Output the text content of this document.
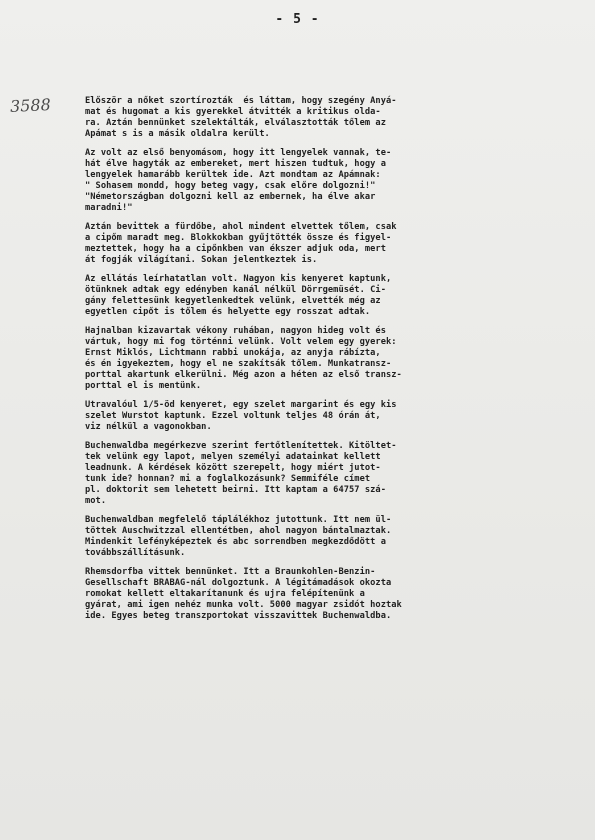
- 5 -

3588	Először a nőket szortírozták  és láttam, hogy szegény Anyá-
mat és hugomat a kis gyerekkel átvitték a kritikus olda-
ra. Aztán bennünket szelektálták, elválasztották tőlem az
Apámat s is a másik oldalra került.

Az volt az első benyomásom, hogy itt lengyelek vannak, te-
hát élve hagyták az embereket, mert hiszen tudtuk, hogy a
lengyelek hamarább kerültek ide. Azt mondtam az Apámnak:
" Sohasem mondd, hogy beteg vagy, csak előre dolgozni!"
"Németországban dolgozni kell az embernek, ha élve akar
maradni!"

Aztán bevittek a fürdőbe, ahol mindent elvettek tőlem, csak
a cipőm maradt meg. Blokkokban gyűjtötték össze és figyel-
meztettek, hogy ha a cipőnkben van ékszer adjuk oda, mert
át fogják világítani. Sokan jelentkeztek is.

Az ellátás leírhatatlan volt. Nagyon kis kenyeret kaptunk,
ötünknek adtak egy edényben kanál nélkül Dörrgemüsét. Ci-
gány felettesünk kegyetlenkedtek velünk, elvették még az
egyetlen cipőt is tőlem és helyette egy rosszat adtak.

Hajnalban kizavartak vékony ruhában, nagyon hideg volt és
vártuk, hogy mi fog történni velünk. Volt velem egy gyerek:
Ernst Miklós, Lichtmann rabbi unokája, az anyja rábízta,
és én igyekeztem, hogy el ne szakítsák tőlem. Munkatransz-
porttal akartunk elkerülni. Még azon a héten az első transz-
porttal el is mentünk.

Utravalóul 1/5-öd kenyeret, egy szelet margarint és egy kis
szelet Wurstot kaptunk. Ezzel voltunk teljes 48 órán át,
viz nélkül a vagonokban.

Buchenwaldba megérkezve szerint fertőtlenítettek. Kitöltet-
tek velünk egy lapot, melyen személyi adatainkat kellett
leadnunk. A kérdések között szerepelt, hogy miért jutot-
tunk ide? honnan? mi a foglalkozásunk? Semmiféle címet
pl. doktorit sem lehetett beirni. Itt kaptam a 64757 szá-
mot.

Buchenwaldban megfelelő táplálékhoz jutottunk. Itt nem ül-
töttek Auschwitzzal ellentétben, ahol nagyon bántalmaztak.
Mindenkit lefényképeztek és abc sorrendben megkezdődött a
továbbszállításunk.

Rhemsdorfba vittek bennünket. Itt a Braunkohlen-Benzin-
Gesellschaft BRABAG-nál dolgoztunk. A légitámadások okozta
romokat kellett eltakarítanunk és ujra felépítenünk a
gyárat, ami igen nehéz munka volt. 5000 magyar zsidót hoztak
ide. Egyes beteg transzportokat visszavittek Buchenwaldba.
